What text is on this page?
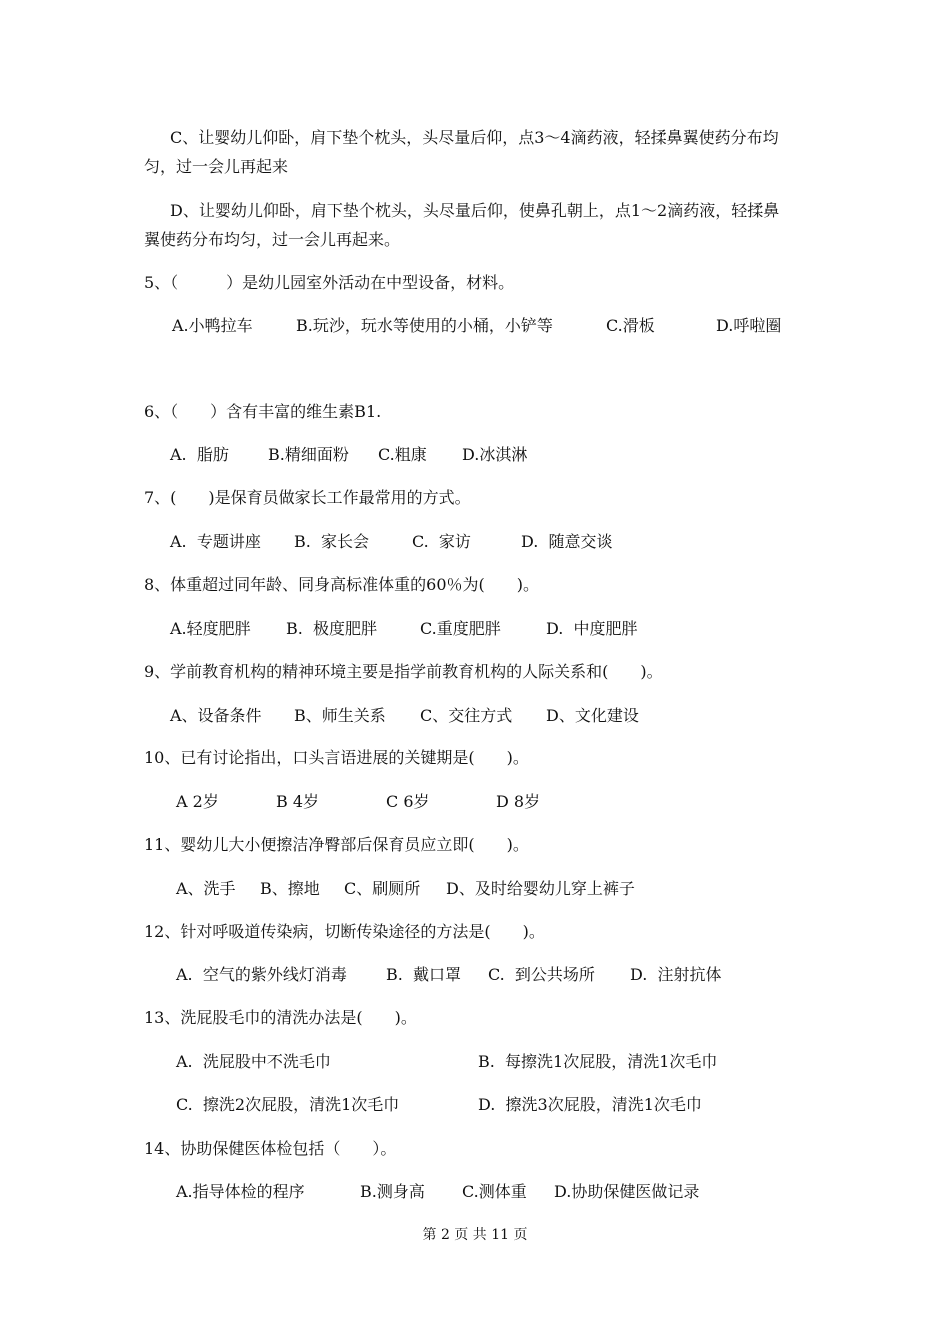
C、让婴幼儿仰卧，肩下垫个枕头，头尽量后仰，点3～4滴药液，轻揉鼻翼使药分布均
匀，过一会儿再起来
D、让婴幼儿仰卧，肩下垫个枕头，头尽量后仰，使鼻孔朝上，点1～2滴药液，轻揉鼻
翼使药分布均匀，过一会儿再起来。
5、（　　　）是幼儿园室外活动在中型设备，材料。
A.小鸭拉车	B.玩沙，玩水等使用的小桶，小铲等	C.滑板	D.呼啦圈
6、（　　）含有丰富的维生素B1.
A.  脂肪 B.精细面粉 C.粗康 D.冰淇淋
7、(　　)是保育员做家长工作最常用的方式。
A.  专题讲座 B.  家长会	C.  家访	D.  随意交谈
8、体重超过同年龄、同身高标准体重的60％为(　　)。
A.轻度肥胖 B.  极度肥胖	C.重度肥胖	D.  中度肥胖
9、学前教育机构的精神环境主要是指学前教育机构的人际关系和(　　)。
A、设备条件 B、师生关系 C、交往方式 D、文化建设
10、已有讨论指出，口头言语进展的关键期是(　　)。
A 2岁	B 4岁	C 6岁	D 8岁
11、婴幼儿大小便擦洁净臀部后保育员应立即(　　)。
A、洗手 B、擦地 C、刷厕所 D、及时给婴幼儿穿上裤子
12、针对呼吸道传染病，切断传染途径的方法是(　　)。
A.  空气的紫外线灯消毒 B.  戴口罩 C.  到公共场所 D.  注射抗体
13、洗屁股毛巾的清洗办法是(　　)。
A.  洗屁股中不洗毛巾	B.  每擦洗1次屁股，清洗1次毛巾
C.  擦洗2次屁股，清洗1次毛巾	D.  擦洗3次屁股，清洗1次毛巾
14、协助保健医体检包括（　　）。
A.指导体检的程序	B.测身高 C.测体重 D.协助保健医做记录
第 2 页 共 11 页
